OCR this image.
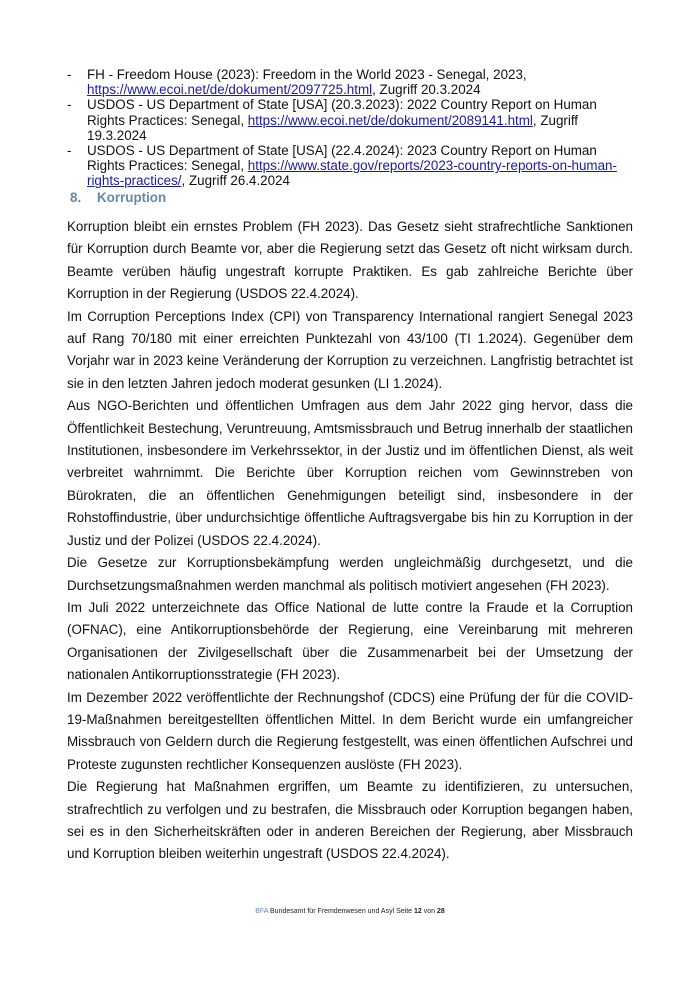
- FH - Freedom House (2023): Freedom in the World 2023 - Senegal, 2023, https://www.ecoi.net/de/dokument/2097725.html, Zugriff 20.3.2024
- USDOS - US Department of State [USA] (20.3.2023): 2022 Country Report on Human Rights Practices: Senegal, https://www.ecoi.net/de/dokument/2089141.html, Zugriff 19.3.2024
- USDOS - US Department of State [USA] (22.4.2024): 2023 Country Report on Human Rights Practices: Senegal, https://www.state.gov/reports/2023-country-reports-on-human-rights-practices/, Zugriff 26.4.2024
8. Korruption

Korruption bleibt ein ernstes Problem (FH 2023). Das Gesetz sieht strafrechtliche Sanktionen für Korruption durch Beamte vor, aber die Regierung setzt das Gesetz oft nicht wirksam durch. Beamte verüben häufig ungestraft korrupte Praktiken. Es gab zahlreiche Berichte über Korruption in der Regierung (USDOS 22.4.2024).

Im Corruption Perceptions Index (CPI) von Transparency International rangiert Senegal 2023 auf Rang 70/180 mit einer erreichten Punktezahl von 43/100 (TI 1.2024). Gegenüber dem Vorjahr war in 2023 keine Veränderung der Korruption zu verzeichnen. Langfristig betrachtet ist sie in den letzten Jahren jedoch moderat gesunken (LI 1.2024).

Aus NGO-Berichten und öffentlichen Umfragen aus dem Jahr 2022 ging hervor, dass die Öffentlichkeit Bestechung, Veruntreuung, Amtsmissbrauch und Betrug innerhalb der staatlichen Institutionen, insbesondere im Verkehrssektor, in der Justiz und im öffentlichen Dienst, als weit verbreitet wahrnimmt. Die Berichte über Korruption reichen vom Gewinnstreben von Bürokraten, die an öffentlichen Genehmigungen beteiligt sind, insbesondere in der Rohstoffindustrie, über undurchsichtige öffentliche Auftragsvergabe bis hin zu Korruption in der Justiz und der Polizei (USDOS 22.4.2024).

Die Gesetze zur Korruptionsbekämpfung werden ungleichmäßig durchgesetzt, und die Durchsetzungsmaßnahmen werden manchmal als politisch motiviert angesehen (FH 2023).

Im Juli 2022 unterzeichnete das Office National de lutte contre la Fraude et la Corruption (OFNAC), eine Antikorruptionsbehörde der Regierung, eine Vereinbarung mit mehreren Organisationen der Zivilgesellschaft über die Zusammenarbeit bei der Umsetzung der nationalen Antikorruptionsstrategie (FH 2023).

Im Dezember 2022 veröffentlichte der Rechnungshof (CDCS) eine Prüfung der für die COVID-19-Maßnahmen bereitgestellten öffentlichen Mittel. In dem Bericht wurde ein umfangreicher Missbrauch von Geldern durch die Regierung festgestellt, was einen öffentlichen Aufschrei und Proteste zugunsten rechtlicher Konsequenzen auslöste (FH 2023).

Die Regierung hat Maßnahmen ergriffen, um Beamte zu identifizieren, zu untersuchen, strafrechtlich zu verfolgen und zu bestrafen, die Missbrauch oder Korruption begangen haben, sei es in den Sicherheitskräften oder in anderen Bereichen der Regierung, aber Missbrauch und Korruption bleiben weiterhin ungestraft (USDOS 22.4.2024).

BFA Bundesamt für Fremdenwesen und Asyl Seite 12 von 28
